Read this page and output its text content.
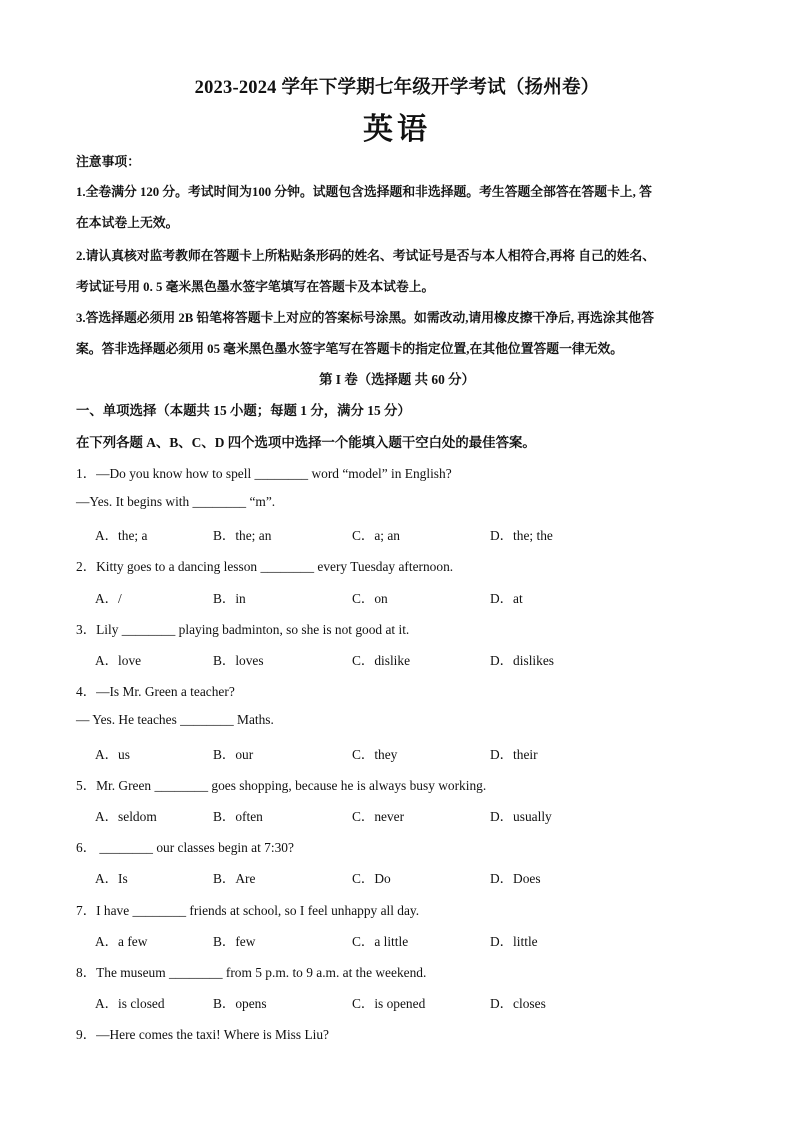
2023-2024 学年下学期七年级开学考试（扬州卷）
英语
注意事项：
1.全卷满分 120 分。考试时间为100 分钟。试题包含选择题和非选择题。考生答题全部答在答题卡上, 答
在本试卷上无效。
2.请认真核对监考教师在答题卡上所粘贴条形码的姓名、考试证号是否与本人相符合,再将 自己的姓名、
考试证号用 0. 5 毫米黑色墨水签字笔填写在答题卡及本试卷上。
3.答选择题必须用 2B 铅笔将答题卡上对应的答案标号涂黑。如需改动,请用橡皮擦干净后, 再选涂其他答
案。答非选择题必须用 05 毫米黑色墨水签字笔写在答题卡的指定位置,在其他位置答题一律无效。
第 I 卷（选择题 共 60 分）
一、单项选择（本题共 15 小题；每题 1 分，满分 15 分）
在下列各题 A、B、C、D 四个选项中选择一个能填入题干空白处的最佳答案。
1．—Do you know how to spell ________ word “model” in English?
—Yes. It begins with ________ “m”.
A．the; a	B．the; an	C．a; an	D．the; the
2．Kitty goes to a dancing lesson ________ every Tuesday afternoon.
A．/	B．in	C．on	D．at
3．Lily ________ playing badminton, so she is not good at it.
A．love	B．loves	C．dislike	D．dislikes
4．—Is Mr. Green a teacher?
— Yes. He teaches ________ Maths.
A．us	B．our	C．they	D．their
5．Mr. Green ________ goes shopping, because he is always busy working.
A．seldom	B．often	C．never	D．usually
6． ________ our classes begin at 7:30?
A．Is	B．Are	C．Do	D．Does
7．I have ________ friends at school, so I feel unhappy all day.
A．a few	B．few	C．a little	D．little
8．The museum ________ from 5 p.m. to 9 a.m. at the weekend.
A．is closed	B．opens	C．is opened	D．closes
9．—Here comes the taxi! Where is Miss Liu?
